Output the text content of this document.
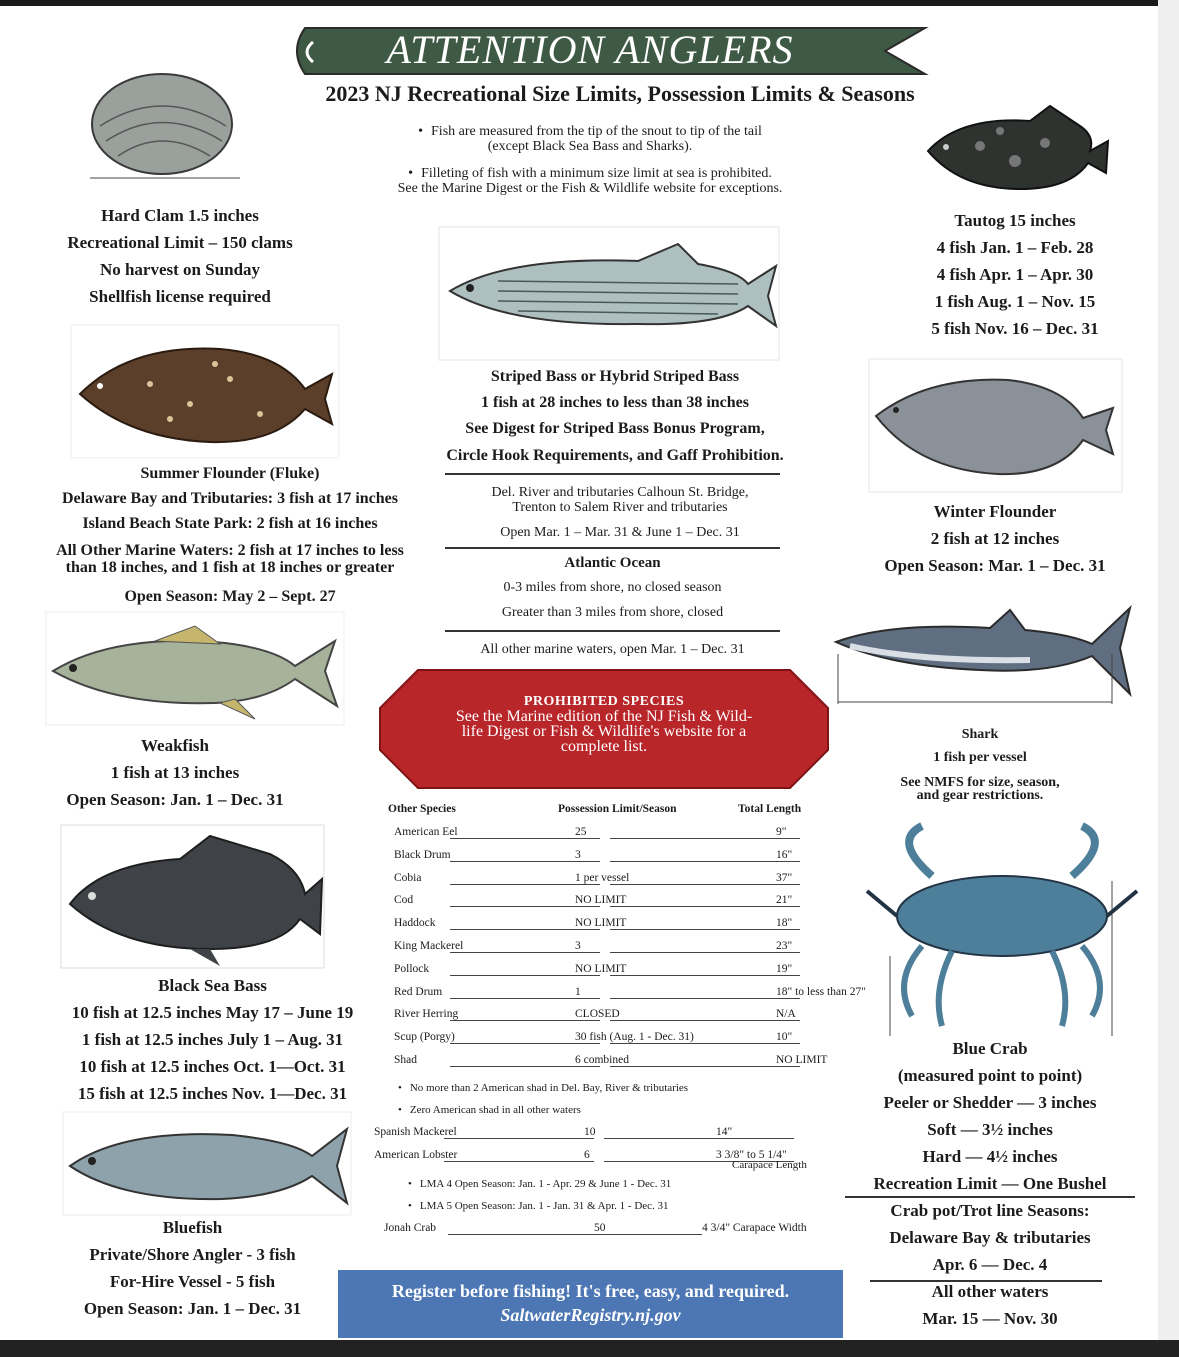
ATTENTION ANGLERS
2023 NJ Recreational Size Limits, Possession Limits & Seasons
• Fish are measured from the tip of the snout to tip of the tail
(except Black Sea Bass and Sharks).
• Filleting of fish with a minimum size limit at sea is prohibited.
See the Marine Digest or the Fish & Wildlife website for exceptions.
Hard Clam 1.5 inches
Recreational Limit – 150 clams
No harvest on Sunday
Shellfish license required
Summer Flounder (Fluke)
Delaware Bay and Tributaries: 3 fish at 17 inches
Island Beach State Park: 2 fish at 16 inches
All Other Marine Waters: 2 fish at 17 inches to less
than 18 inches, and 1 fish at 18 inches or greater
Open Season: May 2 – Sept. 27
Weakfish
1 fish at 13 inches
Open Season: Jan. 1 – Dec. 31
Black Sea Bass
10 fish at 12.5 inches May 17 – June 19
1 fish at 12.5 inches July 1 – Aug. 31
10 fish at 12.5 inches Oct. 1—Oct. 31
15 fish at 12.5 inches Nov. 1—Dec. 31
Bluefish
Private/Shore Angler - 3 fish
For-Hire Vessel - 5 fish
Open Season: Jan. 1 – Dec. 31
Striped Bass or Hybrid Striped Bass
1 fish at 28 inches to less than 38 inches
See Digest for Striped Bass Bonus Program,
Circle Hook Requirements, and Gaff Prohibition.
Del. River and tributaries Calhoun St. Bridge,
Trenton to Salem River and tributaries
Open Mar. 1 – Mar. 31 & June 1 – Dec. 31
Atlantic Ocean
0-3 miles from shore, no closed season
Greater than 3 miles from shore, closed
All other marine waters, open Mar. 1 – Dec. 31
PROHIBITED SPECIES
See the Marine edition of the NJ Fish & Wild-
life Digest or Fish & Wildlife's website for a
complete list.
Other Species	Possession Limit/Season	Total Length
American Eel	25	9"
Black Drum	3	16"
Cobia	1 per vessel	37"
Cod	NO LIMIT	21"
Haddock	NO LIMIT	18"
King Mackerel	3	23"
Pollock	NO LIMIT	19"
Red Drum	1	18" to less than 27"
River Herring	CLOSED	N/A
Scup (Porgy)	30 fish (Aug. 1 - Dec. 31)	10"
Shad	6 combined	NO LIMIT
• No more than 2 American shad in Del. Bay, River & tributaries
• Zero American shad in all other waters
Spanish Mackerel	10	14"
American Lobster	6	3 3/8" to 5 1/4"
Carapace Length
• LMA 4 Open Season: Jan. 1 - Apr. 29 & June 1 - Dec. 31
• LMA 5 Open Season: Jan. 1 - Jan. 31 & Apr. 1 - Dec. 31
Jonah Crab	50	4 3/4" Carapace Width
Register before fishing! It's free, easy, and required.
SaltwaterRegistry.nj.gov
Tautog 15 inches
4 fish Jan. 1 – Feb. 28
4 fish Apr. 1 – Apr. 30
1 fish Aug. 1 – Nov. 15
5 fish Nov. 16 – Dec. 31
Winter Flounder
2 fish at 12 inches
Open Season: Mar. 1 – Dec. 31
Shark
1 fish per vessel
See NMFS for size, season,
and gear restrictions.
Blue Crab
(measured point to point)
Peeler or Shedder — 3 inches
Soft — 3½ inches
Hard — 4½ inches
Recreation Limit — One Bushel
Crab pot/Trot line Seasons:
Delaware Bay & tributaries
Apr. 6 — Dec. 4
All other waters
Mar. 15 — Nov. 30
